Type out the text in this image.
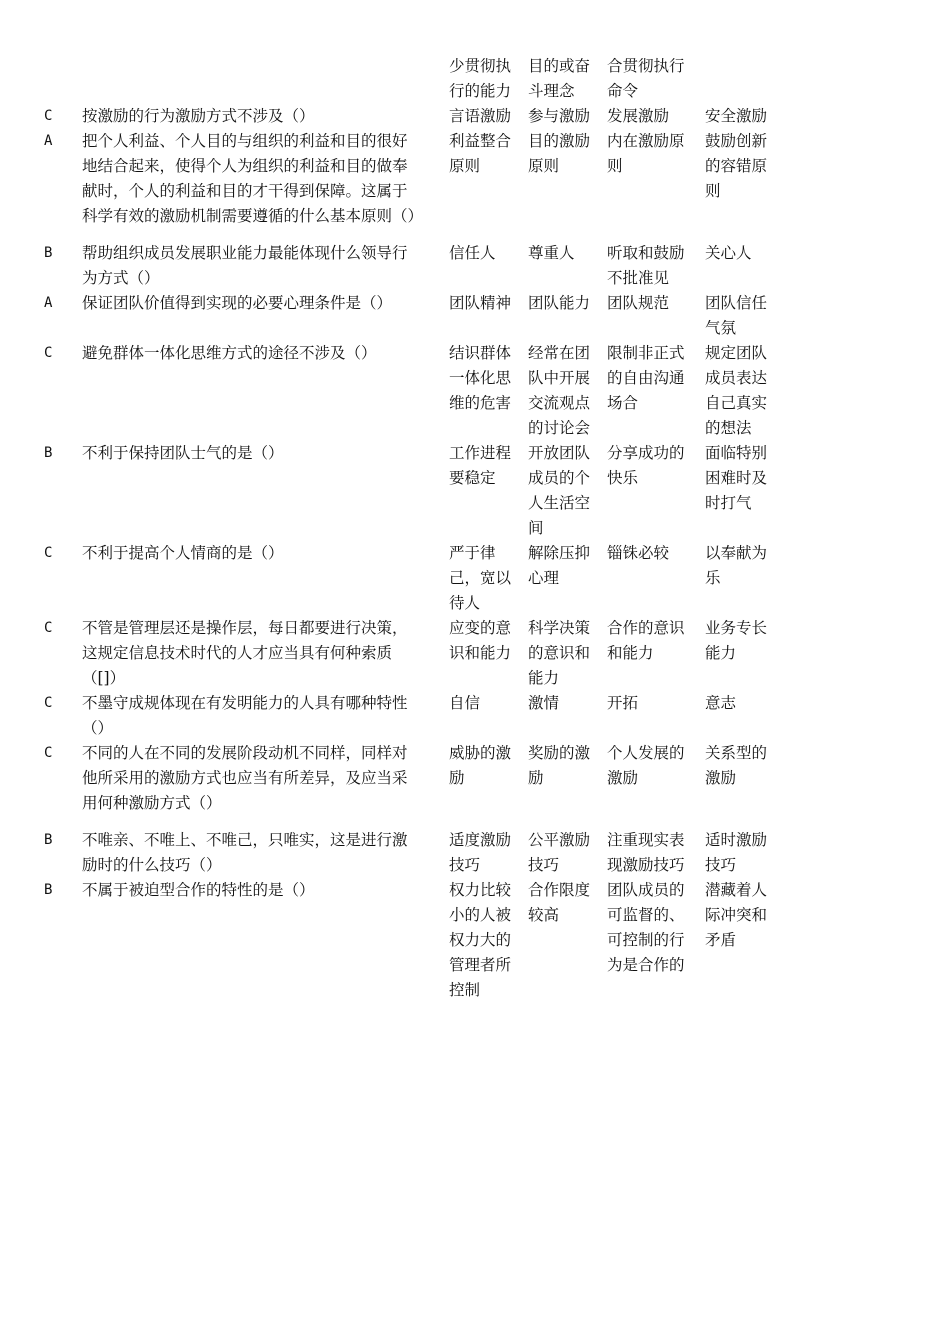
		少贯彻执行的能力	目的或奋斗理念	合贯彻执行命令	
C	按激励的行为激励方式不涉及（）	言语激励	参与激励	发展激励	安全激励
A	把个人利益、个人目的与组织的利益和目的很好地结合起来，使得个人为组织的利益和目的做奉献时，个人的利益和目的才干得到保障。这属于科学有效的激励机制需要遵循的什么基本原则（）	利益整合原则	目的激励原则	内在激励原则	鼓励创新的容错原则
B	帮助组织成员发展职业能力最能体现什么领导行为方式（）	信任人	尊重人	听取和鼓励不批准见	关心人
A	保证团队价值得到实现的必要心理条件是（）	团队精神	团队能力	团队规范	团队信任气氛
C	避免群体一体化思维方式的途径不涉及（）	结识群体一体化思维的危害	经常在团队中开展交流观点的讨论会	限制非正式的自由沟通场合	规定团队成员表达自己真实的想法
B	不利于保持团队士气的是（）	工作进程要稳定	开放团队成员的个人生活空间	分享成功的快乐	面临特别困难时及时打气
C	不利于提高个人情商的是（）	严于律己，宽以待人	解除压抑心理	锱铢必较	以奉献为乐
C	不管是管理层还是操作层，每日都要进行决策，这规定信息技术时代的人才应当具有何种索质（[]）	应变的意识和能力	科学决策的意识和能力	合作的意识和能力	业务专长能力
C	不墨守成规体现在有发明能力的人具有哪种特性（）	自信	激情	开拓	意志
C	不同的人在不同的发展阶段动机不同样，同样对他所采用的激励方式也应当有所差异，及应当采用何种激励方式（）	威胁的激励	奖励的激励	个人发展的激励	关系型的激励
B	不唯亲、不唯上、不唯己，只唯实，这是进行激励时的什么技巧（）	适度激励技巧	公平激励技巧	注重现实表现激励技巧	适时激励技巧
B	不属于被迫型合作的特性的是（）	权力比较小的人被权力大的管理者所控制	合作限度较高	团队成员的可监督的、可控制的行为是合作的	潜藏着人际冲突和矛盾
